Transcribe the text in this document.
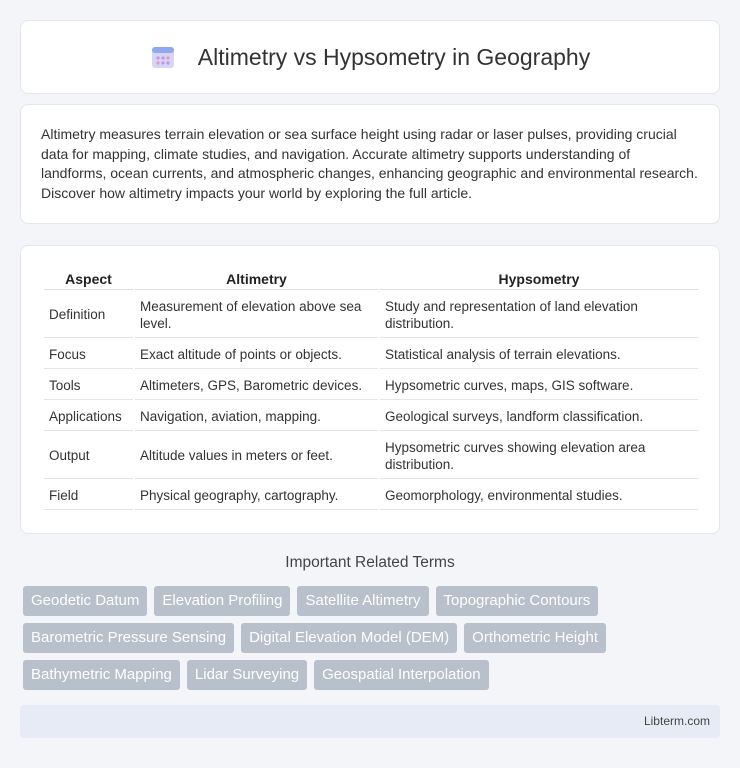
Altimetry vs Hypsometry in Geography

Altimetry measures terrain elevation or sea surface height using radar or laser pulses, providing crucial data for mapping, climate studies, and navigation. Accurate altimetry supports understanding of landforms, ocean currents, and atmospheric changes, enhancing geographic and environmental research. Discover how altimetry impacts your world by exploring the full article.

Aspect	Altimetry	Hypsometry
Definition	Measurement of elevation above sea level.	Study and representation of land elevation distribution.
Focus	Exact altitude of points or objects.	Statistical analysis of terrain elevations.
Tools	Altimeters, GPS, Barometric devices.	Hypsometric curves, maps, GIS software.
Applications	Navigation, aviation, mapping.	Geological surveys, landform classification.
Output	Altitude values in meters or feet.	Hypsometric curves showing elevation area distribution.
Field	Physical geography, cartography.	Geomorphology, environmental studies.
Important Related Terms
Geodetic Datum	Elevation Profiling	Satellite Altimetry	Topographic Contours
Barometric Pressure Sensing	Digital Elevation Model (DEM)	Orthometric Height
Bathymetric Mapping	Lidar Surveying	Geospatial Interpolation
Libterm.com
